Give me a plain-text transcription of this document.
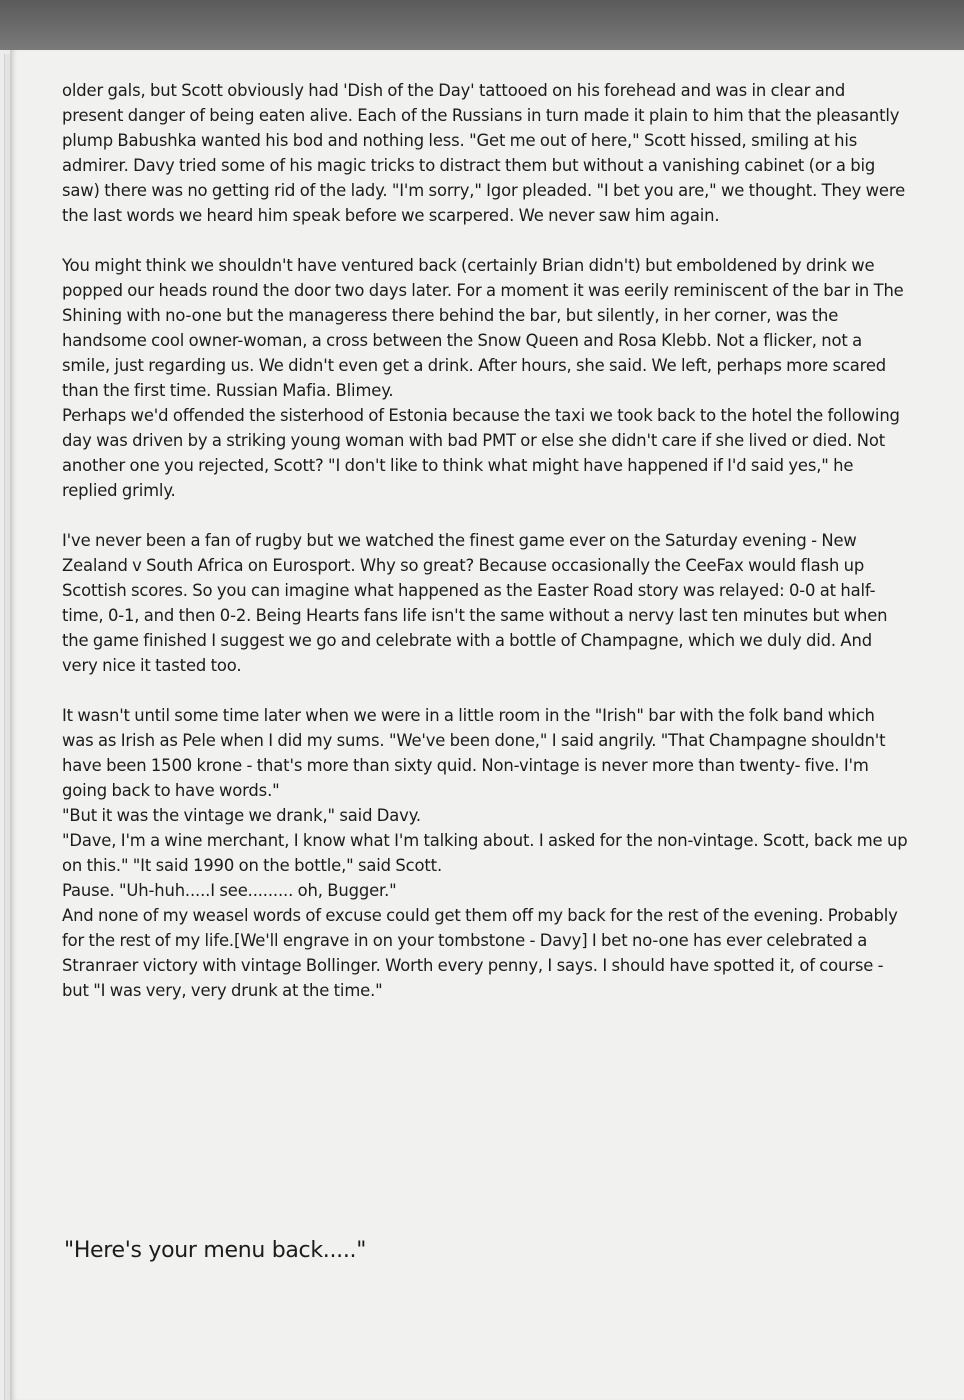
older gals, but Scott obviously had 'Dish of the Day' tattooed on his forehead and was in clear and present danger of being eaten alive. Each of the Russians in turn made it plain to him that the pleasantly plump Babushka wanted his bod and nothing less. "Get me out of here," Scott hissed, smiling at his admirer. Davy tried some of his magic tricks to distract them but without a vanishing cabinet (or a big saw) there was no getting rid of the lady. "I'm sorry," Igor pleaded. "I bet you are," we thought. They were the last words we heard him speak before we scarpered. We never saw him again.

You might think we shouldn't have ventured back (certainly Brian didn't) but emboldened by drink we popped our heads round the door two days later. For a moment it was eerily reminiscent of the bar in The Shining with no-one but the manageress there behind the bar, but silently, in her corner, was the handsome cool owner-woman, a cross between the Snow Queen and Rosa Klebb. Not a flicker, not a smile, just regarding us. We didn't even get a drink. After hours, she said. We left, perhaps more scared than the first time. Russian Mafia. Blimey.

Perhaps we'd offended the sisterhood of Estonia because the taxi we took back to the hotel the following day was driven by a striking young woman with bad PMT or else she didn't care if she lived or died. Not another one you rejected, Scott? "I don't like to think what might have happened if I'd said yes," he replied grimly.

I've never been a fan of rugby but we watched the finest game ever on the Saturday evening - New Zealand v South Africa on Eurosport. Why so great? Because occasionally the CeeFax would flash up Scottish scores. So you can imagine what happened as the Easter Road story was relayed: 0-0 at half-time, 0-1, and then 0-2. Being Hearts fans life isn't the same without a nervy last ten minutes but when the game finished I suggest we go and celebrate with a bottle of Champagne, which we duly did. And very nice it tasted too.

It wasn't until some time later when we were in a little room in the "Irish" bar with the folk band which was as Irish as Pele when I did my sums. "We've been done," I said angrily. "That Champagne shouldn't have been 1500 krone - that's more than sixty quid. Non-vintage is never more than twenty- five. I'm going back to have words."

"But it was the vintage we drank," said Davy.

"Dave, I'm a wine merchant, I know what I'm talking about. I asked for the non-vintage. Scott, back me up on this." "It said 1990 on the bottle," said Scott.

Pause. "Uh-huh.....I see......... oh, Bugger."

And none of my weasel words of excuse could get them off my back for the rest of the evening. Probably for the rest of my life.[We'll engrave in on your tombstone - Davy] I bet no-one has ever celebrated a Stranraer victory with vintage Bollinger. Worth every penny, I says. I should have spotted it, of course - but "I was very, very drunk at the time."

"Here's your menu back....."
